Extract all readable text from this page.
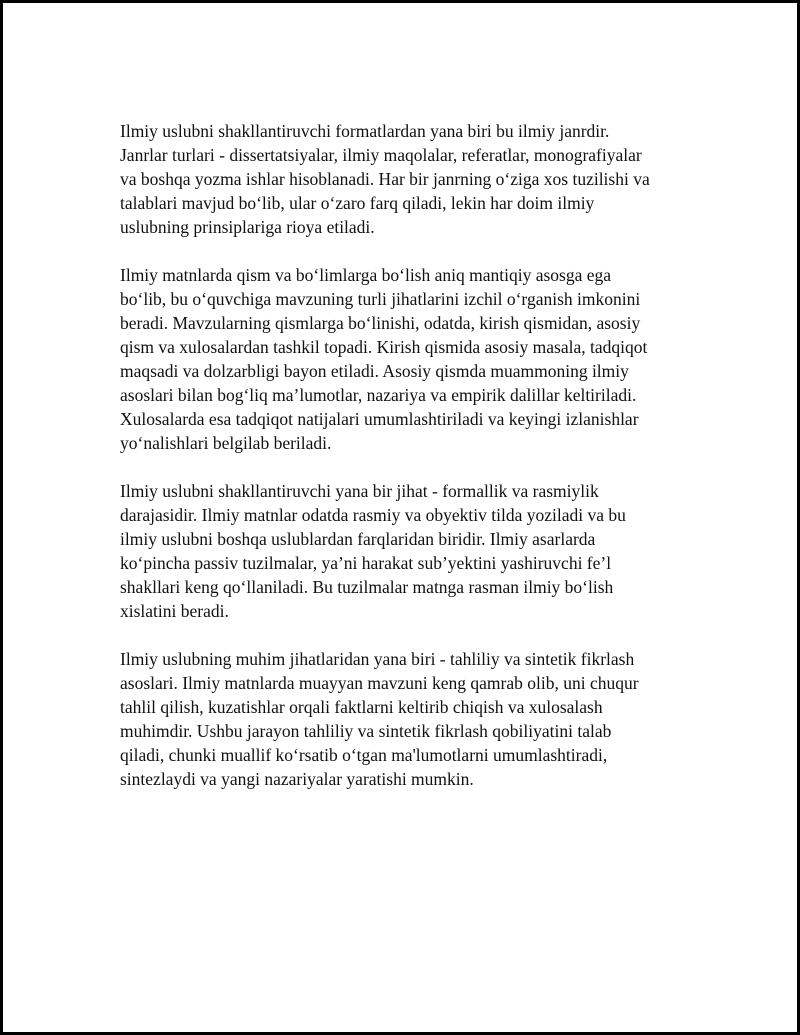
Ilmiy uslubni shakllantiruvchi formatlardan yana biri bu ilmiy janrdir.
Janrlar turlari - dissertatsiyalar, ilmiy maqolalar, referatlar, monografiyalar
va boshqa yozma ishlar hisoblanadi. Har bir janrning o‘ziga xos tuzilishi va
talablari mavjud bo‘lib, ular o‘zaro farq qiladi, lekin har doim ilmiy
uslubning prinsiplariga rioya etiladi.

Ilmiy matnlarda qism va bo‘limlarga bo‘lish aniq mantiqiy asosga ega
bo‘lib, bu o‘quvchiga mavzuning turli jihatlarini izchil o‘rganish imkonini
beradi. Mavzularning qismlarga bo‘linishi, odatda, kirish qismidan, asosiy
qism va xulosalardan tashkil topadi. Kirish qismida asosiy masala, tadqiqot
maqsadi va dolzarbligi bayon etiladi. Asosiy qismda muammoning ilmiy
asoslari bilan bog‘liq ma’lumotlar, nazariya va empirik dalillar keltiriladi.
Xulosalarda esa tadqiqot natijalari umumlashtiriladi va keyingi izlanishlar
yo‘nalishlari belgilab beriladi.

Ilmiy uslubni shakllantiruvchi yana bir jihat - formallik va rasmiylik
darajasidir. Ilmiy matnlar odatda rasmiy va obyektiv tilda yoziladi va bu
ilmiy uslubni boshqa uslublardan farqlaridan biridir. Ilmiy asarlarda
ko‘pincha passiv tuzilmalar, ya’ni harakat sub’yektini yashiruvchi fe’l
shakllari keng qo‘llaniladi. Bu tuzilmalar matnga rasman ilmiy bo‘lish
xislatini beradi.

Ilmiy uslubning muhim jihatlaridan yana biri - tahliliy va sintetik fikrlash
asoslari. Ilmiy matnlarda muayyan mavzuni keng qamrab olib, uni chuqur
tahlil qilish, kuzatishlar orqali faktlarni keltirib chiqish va xulosalash
muhimdir. Ushbu jarayon tahliliy va sintetik fikrlash qobiliyatini talab
qiladi, chunki muallif ko‘rsatib o‘tgan ma'lumotlarni umumlashtiradi,
sintezlaydi va yangi nazariyalar yaratishi mumkin.
